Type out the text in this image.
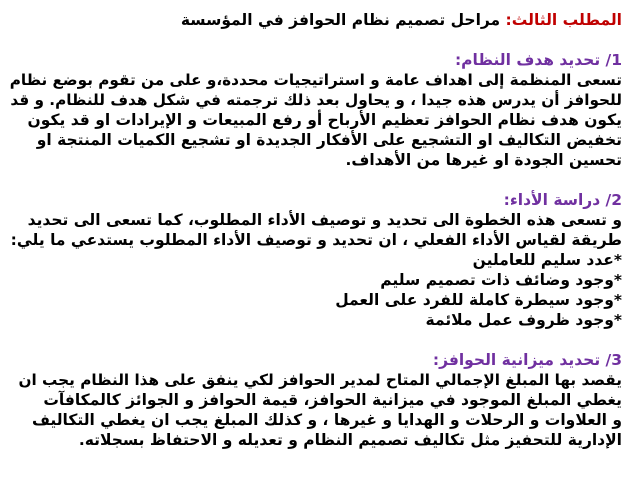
المطلب الثالث: مراحل تصميم نظام الحوافز في المؤسسة
1/ تحديد هدف النظام:
تسعى المنظمة إلى اهداف عامة و استراتيجيات محددة،و على من تقوم بوضع نظام
للحوافز أن يدرس هذه جيدا ، و يحاول بعد ذلك ترجمته في شكل هدف للنظام. و قد
يكون هدف نظام الحوافز تعظيم الأرباح أو رفع المبيعات و الإيرادات او قد يكون
تخفيض التكاليف او التشجيع على الأفكار الجديدة او تشجيع الكميات المنتجة او
تحسين الجودة او غيرها من الأهداف.
2/ دراسة الأداء:
و تسعى هذه الخطوة الى تحديد و توصيف الأداء المطلوب، كما تسعى الى تحديد
طريقة لقياس الأداء الفعلي ، ان تحديد و توصيف الأداء المطلوب يستدعي ما يلي:
*عدد سليم للعاملين
*وجود وضائف ذات تصميم سليم
*وجود سيطرة كاملة للفرد على العمل
*وجود ظروف عمل ملائمة
3/ تحديد ميزانية الحوافز:
يقصد بها المبلغ الإجمالي المتاح لمدير الحوافز لكي ينفق على هذا النظام يجب ان
يغطي المبلغ الموجود في ميزانية الحوافز، قيمة الحوافز و الجوائز كالمكافآت
و العلاوات و الرحلات و الهدايا و غيرها ، و كذلك المبلغ يجب ان يغطي التكاليف
الإدارية للتحفيز مثل تكاليف تصميم النظام و تعديله و الاحتفاظ بسجلاته.
